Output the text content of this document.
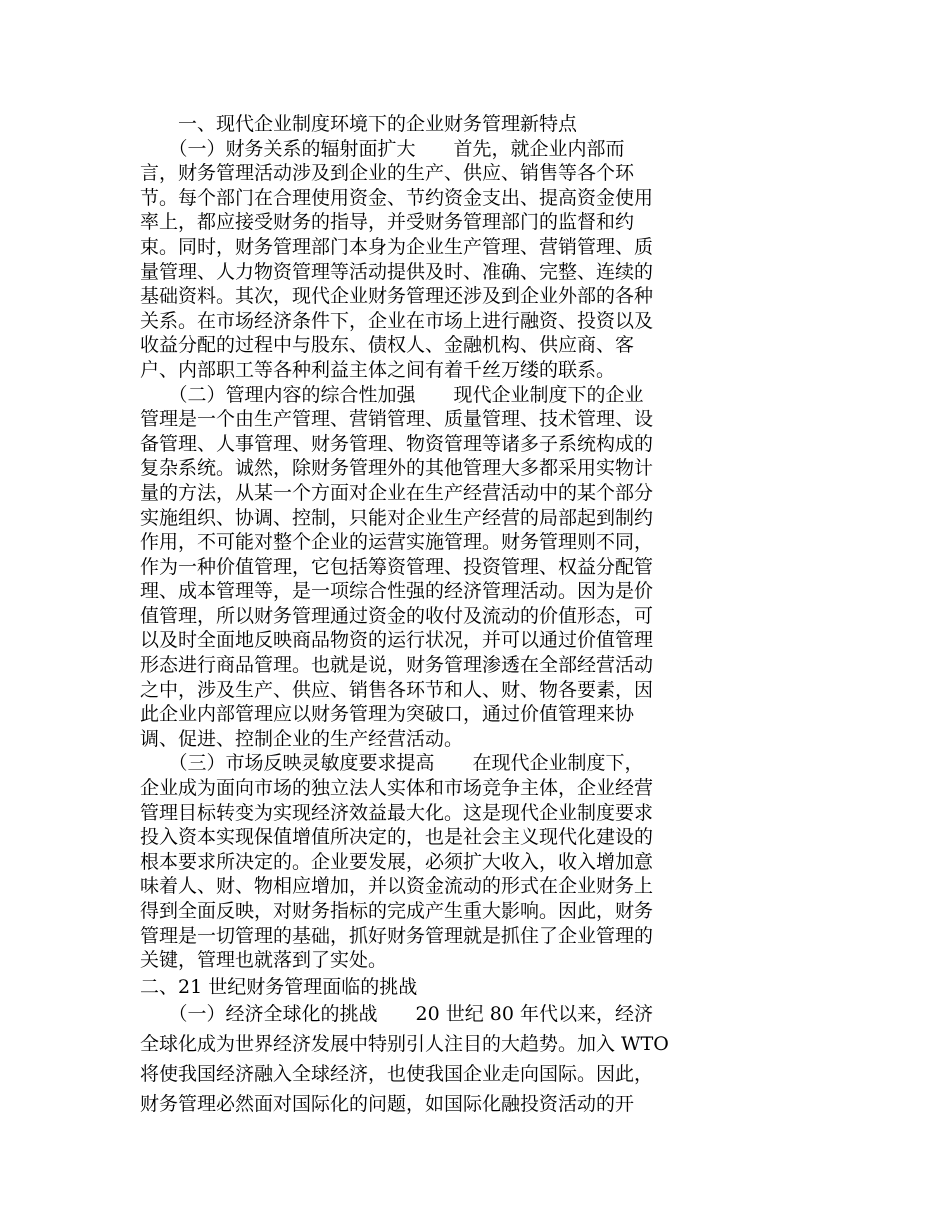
　　一、现代企业制度环境下的企业财务管理新特点
　　（一）财务关系的辐射面扩大　　首先，就企业内部而
言，财务管理活动涉及到企业的生产、供应、销售等各个环
节。每个部门在合理使用资金、节约资金支出、提高资金使用
率上，都应接受财务的指导，并受财务管理部门的监督和约
束。同时，财务管理部门本身为企业生产管理、营销管理、质
量管理、人力物资管理等活动提供及时、准确、完整、连续的
基础资料。其次，现代企业财务管理还涉及到企业外部的各种
关系。在市场经济条件下，企业在市场上进行融资、投资以及
收益分配的过程中与股东、债权人、金融机构、供应商、客
户、内部职工等各种利益主体之间有着千丝万缕的联系。
　　（二）管理内容的综合性加强　　现代企业制度下的企业
管理是一个由生产管理、营销管理、质量管理、技术管理、设
备管理、人事管理、财务管理、物资管理等诸多子系统构成的
复杂系统。诚然，除财务管理外的其他管理大多都采用实物计
量的方法，从某一个方面对企业在生产经营活动中的某个部分
实施组织、协调、控制，只能对企业生产经营的局部起到制约
作用，不可能对整个企业的运营实施管理。财务管理则不同，
作为一种价值管理，它包括筹资管理、投资管理、权益分配管
理、成本管理等，是一项综合性强的经济管理活动。因为是价
值管理，所以财务管理通过资金的收付及流动的价值形态，可
以及时全面地反映商品物资的运行状况，并可以通过价值管理
形态进行商品管理。也就是说，财务管理渗透在全部经营活动
之中，涉及生产、供应、销售各环节和人、财、物各要素，因
此企业内部管理应以财务管理为突破口，通过价值管理来协
调、促进、控制企业的生产经营活动。
　　（三）市场反映灵敏度要求提高　　在现代企业制度下，
企业成为面向市场的独立法人实体和市场竞争主体，企业经营
管理目标转变为实现经济效益最大化。这是现代企业制度要求
投入资本实现保值增值所决定的，也是社会主义现代化建设的
根本要求所决定的。企业要发展，必须扩大收入，收入增加意
味着人、财、物相应增加，并以资金流动的形式在企业财务上
得到全面反映，对财务指标的完成产生重大影响。因此，财务
管理是一切管理的基础，抓好财务管理就是抓住了企业管理的
关键，管理也就落到了实处。
二、21 世纪财务管理面临的挑战
　　（一）经济全球化的挑战　　20 世纪 80 年代以来，经济
全球化成为世界经济发展中特别引人注目的大趋势。加入 WTO
将使我国经济融入全球经济，也使我国企业走向国际。因此，
财务管理必然面对国际化的问题，如国际化融投资活动的开
